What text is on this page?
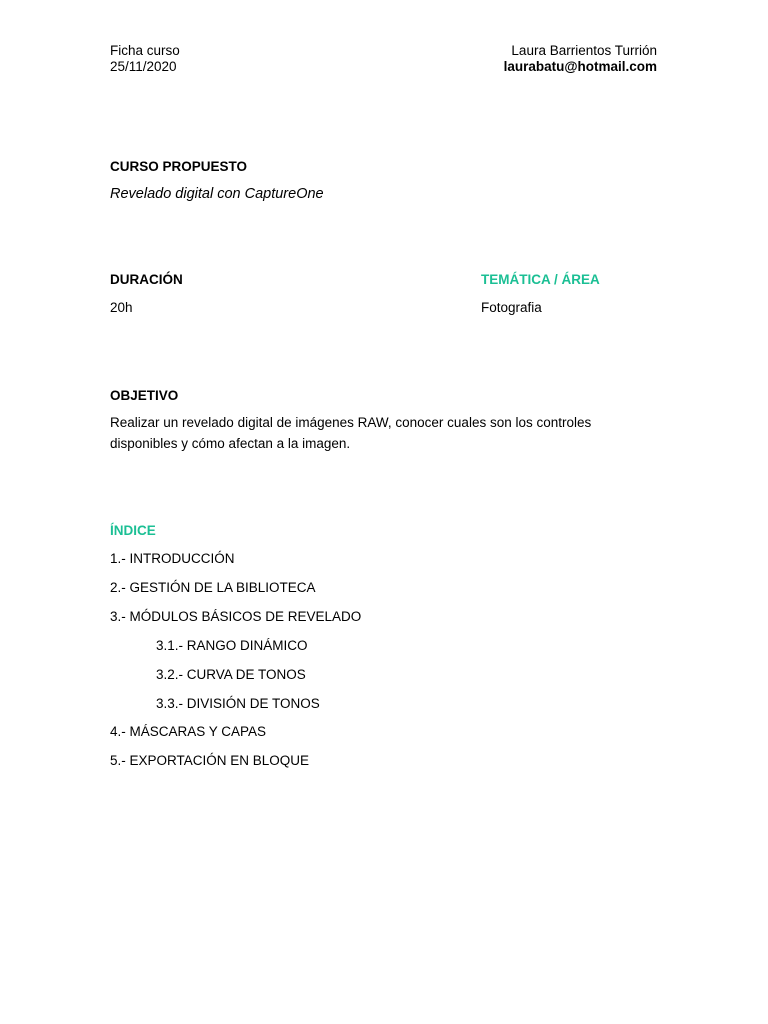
Ficha curso
25/11/2020
Laura Barrientos Turrión
laurabatu@hotmail.com
CURSO PROPUESTO
Revelado digital con CaptureOne
DURACIÓN
20h
TEMÁTICA / ÁREA
Fotografia
OBJETIVO
Realizar un revelado digital de imágenes RAW, conocer cuales son los controles
disponibles y cómo afectan a la imagen.
ÍNDICE
1.- INTRODUCCIÓN
2.- GESTIÓN DE LA BIBLIOTECA
3.- MÓDULOS BÁSICOS DE REVELADO
3.1.- RANGO DINÁMICO
3.2.- CURVA DE TONOS
3.3.- DIVISIÓN DE TONOS
4.- MÁSCARAS Y CAPAS
5.- EXPORTACIÓN EN BLOQUE
